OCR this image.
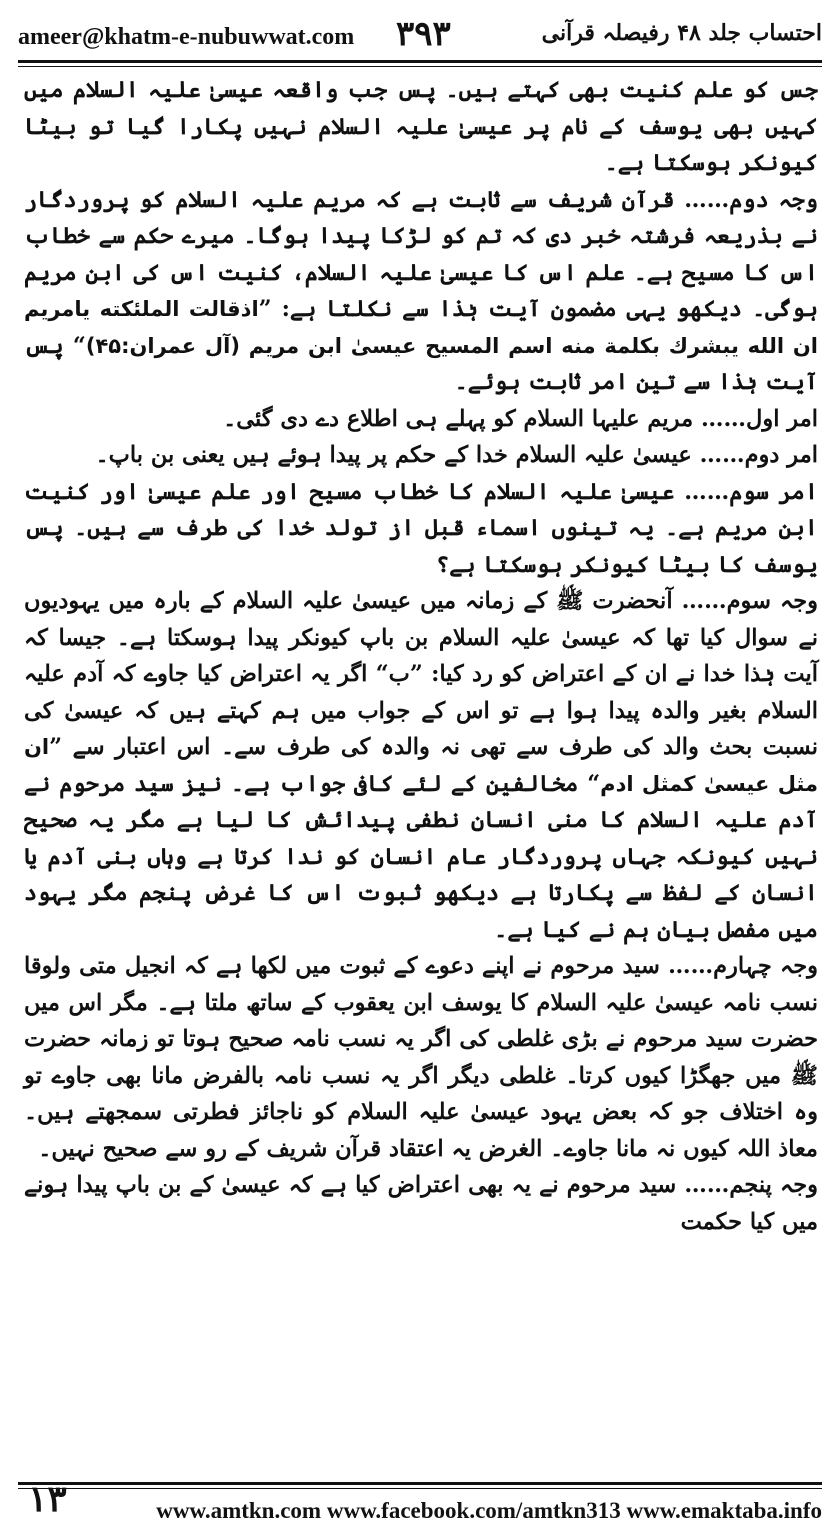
ameer@khatm-e-nubuwwat.com ۳۹۳	احتساب جلد ۴۸ رفیصلہ قرآنی

جس کو علم کنیت بھی کہتے ہیں۔ پس جب واقعہ عیسیٰ علیہ السلام میں کہیں بھی یوسف کے نام پر عیسیٰ علیہ السلام نہیں پکارا گیا تو بیٹا کیونکر ہوسکتا ہے۔

وجہ دوم…… قرآن شریف سے ثابت ہے کہ مریم علیہ السلام کو پروردگار نے بذریعہ فرشتہ خبر دی کہ تم کو لڑکا پیدا ہوگا۔ میرے حکم سے خطاب اس کا مسیح ہے۔ علم اس کا عیسیٰ علیہ السلام، کنیت اس کی ابن مریم ہوگی۔ دیکھو یہی مضمون آیت ہٰذا سے نکلتا ہے: ”اذقالت الملئکته یامریم ان الله یبشرك بکلمة منه اسم المسیح عیسیٰ ابن مریم (آل عمران:۴۵)“ پس آیت ہٰذا سے تین امر ثابت ہوئے۔

امر اول…… مریم علیہا السلام کو پہلے ہی اطلاع دے دی گئی۔

امر دوم…… عیسیٰ علیہ السلام خدا کے حکم پر پیدا ہوئے ہیں یعنی بن باپ۔

امر سوم…… عیسیٰ علیہ السلام کا خطاب مسیح اور علم عیسیٰ اور کنیت ابن مریم ہے۔ یہ تینوں اسماء قبل از تولد خدا کی طرف سے ہیں۔ پس یوسف کا بیٹا کیونکر ہوسکتا ہے؟

وجہ سوم…… آنحضرت ﷺ کے زمانہ میں عیسیٰ علیہ السلام کے بارہ میں یہودیوں نے سوال کیا تھا کہ عیسیٰ علیہ السلام بن باپ کیونکر پیدا ہوسکتا ہے۔ جیسا کہ آیت ہٰذا خدا نے ان کے اعتراض کو رد کیا: ”ب“ اگر یہ اعتراض کیا جاوے کہ آدم علیہ السلام بغیر والدہ پیدا ہوا ہے تو اس کے جواب میں ہم کہتے ہیں کہ عیسیٰ کی نسبت بحث والد کی طرف سے تھی نہ والدہ کی طرف سے۔ اس اعتبار سے ”ان مثل عیسیٰ کمثل ادم“ مخالفین کے لئے کافی جواب ہے۔ نیز سید مرحوم نے آدم علیہ السلام کا منی انسان نطفی پیدائش کا لیا ہے مگر یہ صحیح نہیں کیونکہ جہاں پروردگار عام انسان کو ندا کرتا ہے وہاں بنی آدم یا انسان کے لفظ سے پکارتا ہے دیکھو ثبوت اس کا غرض پنجم مگر یہود میں مفصل بیان ہم نے کیا ہے۔

وجہ چہارم…… سید مرحوم نے اپنے دعوے کے ثبوت میں لکھا ہے کہ انجیل متی ولوقا نسب نامہ عیسیٰ علیہ السلام کا یوسف ابن یعقوب کے ساتھ ملتا ہے۔ مگر اس میں حضرت سید مرحوم نے بڑی غلطی کی اگر یہ نسب نامہ صحیح ہوتا تو زمانہ حضرت ﷺ میں جھگڑا کیوں کرتا۔ غلطی دیگر اگر یہ نسب نامہ بالفرض مانا بھی جاوے تو وہ اختلاف جو کہ بعض یہود عیسیٰ علیہ السلام کو ناجائز فطرتی سمجھتے ہیں۔ معاذ اللہ کیوں نہ مانا جاوے۔ الغرض یہ اعتقاد قرآن شریف کے رو سے صحیح نہیں۔

وجہ پنجم…… سید مرحوم نے یہ بھی اعتراض کیا ہے کہ عیسیٰ کے بن باپ پیدا ہونے میں کیا حکمت

۱۳	www.amtkn.com www.facebook.com/amtkn313 www.emaktaba.info
